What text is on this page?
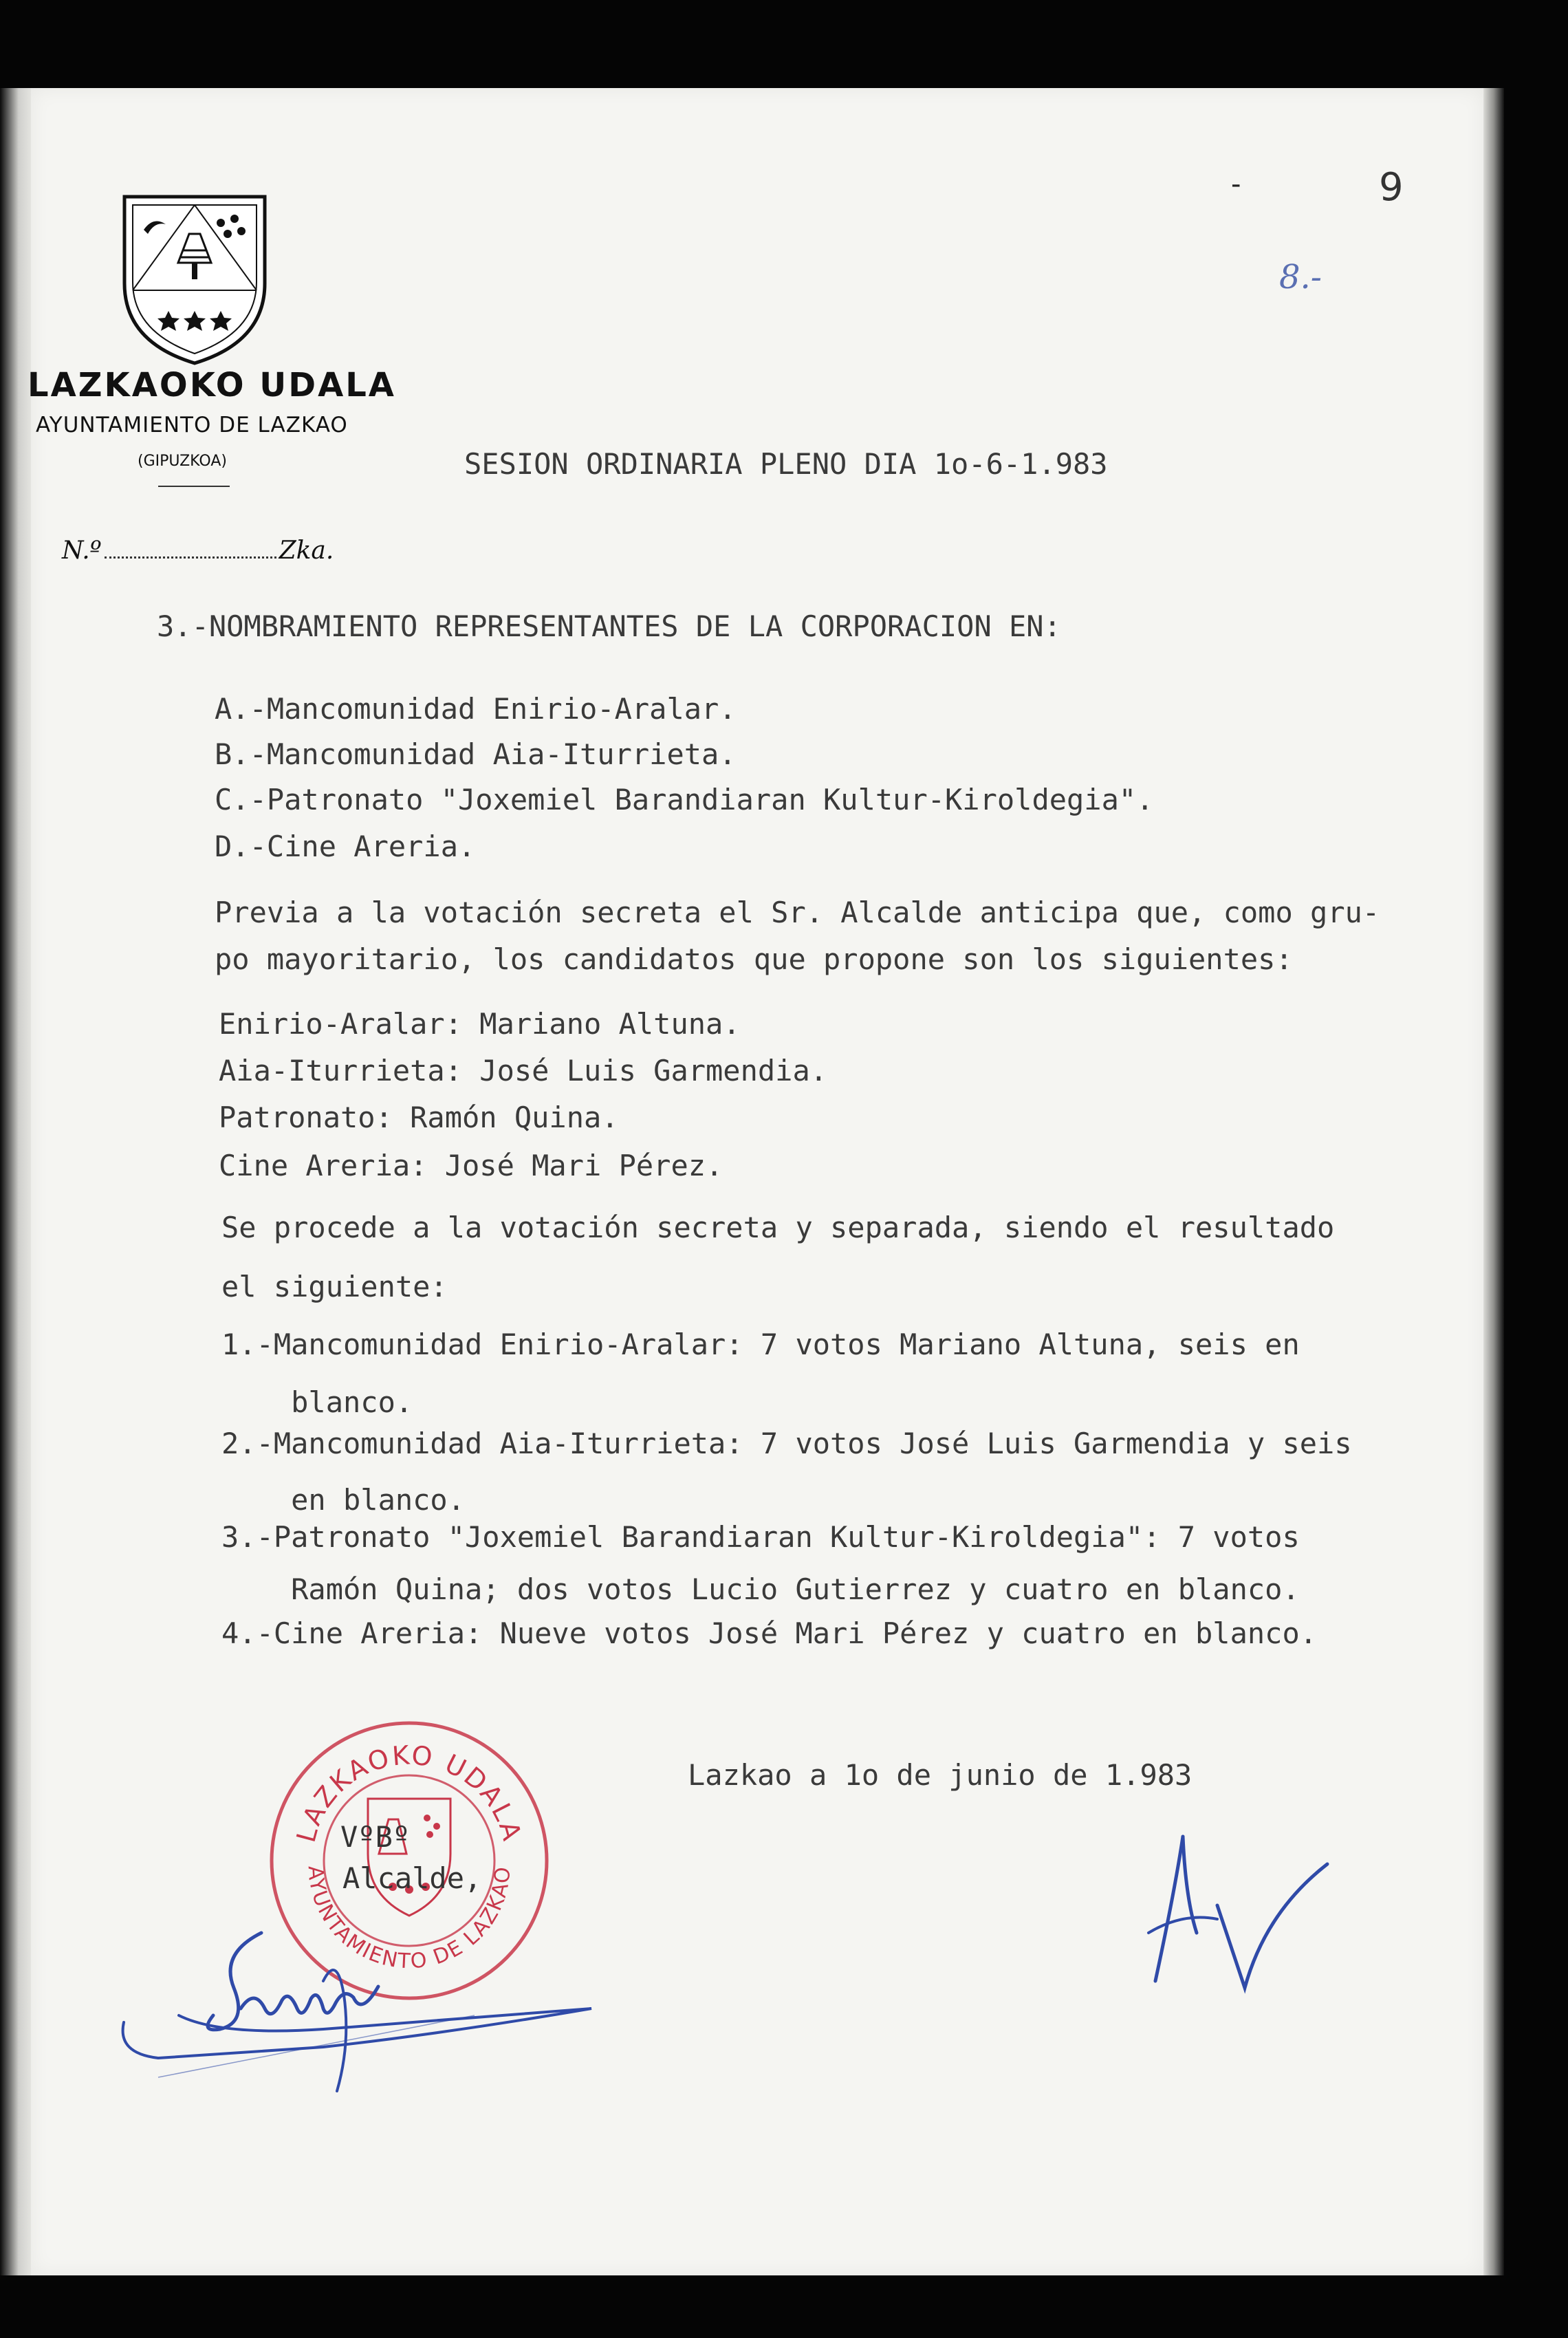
LAZKAOKO UDALA
AYUNTAMIENTO DE LAZKAO
(GIPUZKOA)
N.º	Zka.
-	9
8.-
SESION ORDINARIA PLENO DIA 1o-6-1.983
3.-NOMBRAMIENTO REPRESENTANTES DE LA CORPORACION EN:
A.-Mancomunidad Enirio-Aralar.
B.-Mancomunidad Aia-Iturrieta.
C.-Patronato "Joxemiel Barandiaran Kultur-Kiroldegia".
D.-Cine Areria.
Previa a la votación secreta el Sr. Alcalde anticipa que, como gru-
po mayoritario, los candidatos que propone son los siguientes:
Enirio-Aralar: Mariano Altuna.
Aia-Iturrieta: José Luis Garmendia.
Patronato: Ramón Quina.
Cine Areria: José Mari Pérez.
Se procede a la votación secreta y separada, siendo el resultado
el siguiente:
1.-Mancomunidad Enirio-Aralar: 7 votos Mariano Altuna, seis en
blanco.
2.-Mancomunidad Aia-Iturrieta: 7 votos José Luis Garmendia y seis
en blanco.
3.-Patronato "Joxemiel Barandiaran Kultur-Kiroldegia": 7 votos
Ramón Quina; dos votos Lucio Gutierrez y cuatro en blanco.
4.-Cine Areria: Nueve votos José Mari Pérez y cuatro en blanco.
Lazkao a 1o de junio de 1.983
LAZKAOKO UDALA
AYUNTAMIENTO DE LAZKAO
VºBº
Alcalde,
